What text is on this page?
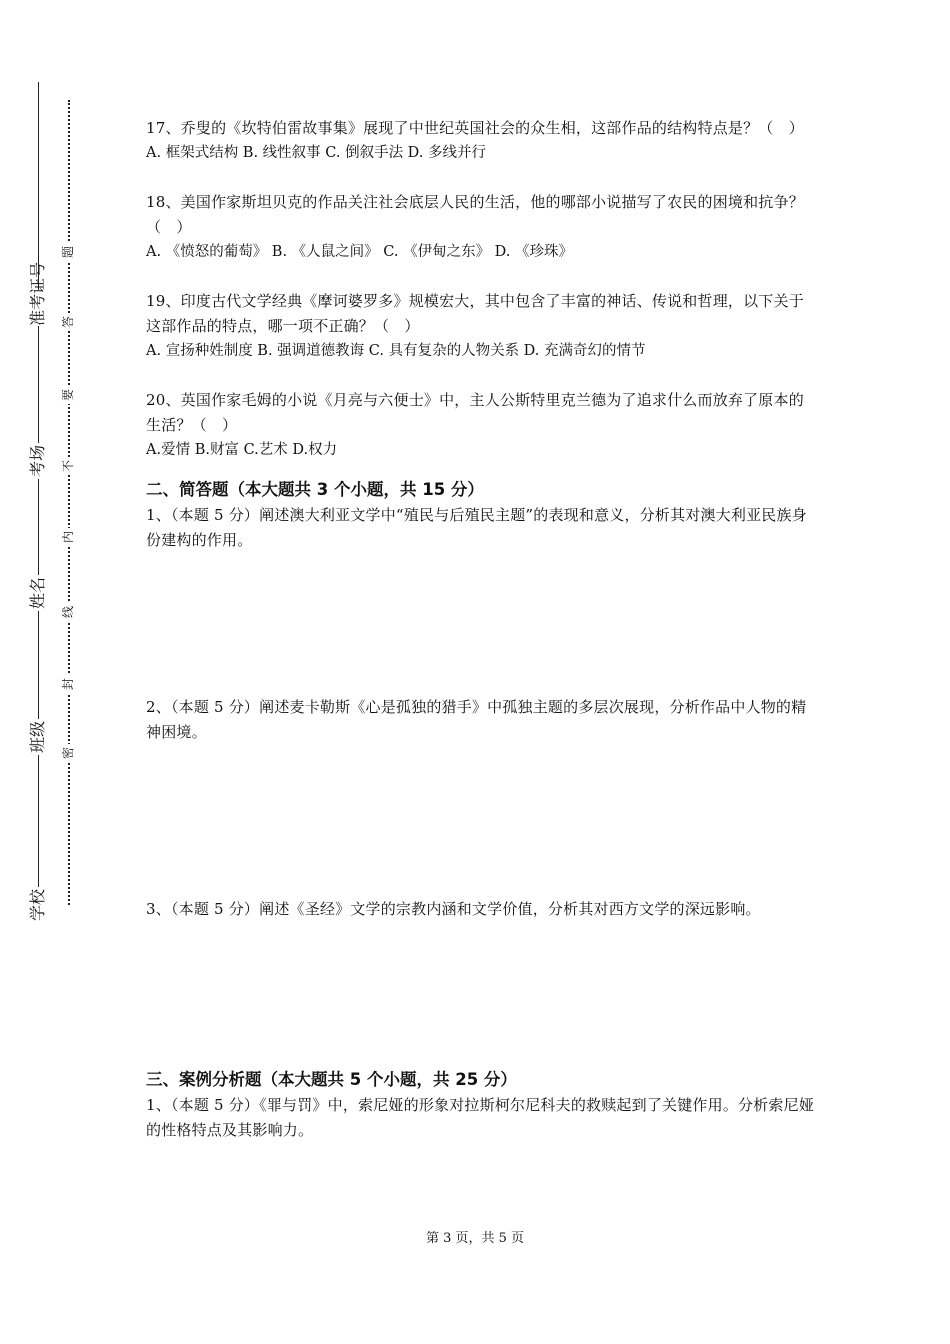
学校
班级
姓名
考场
准考证号
题
答
要
不
内
线
封
密
17、乔叟的《坎特伯雷故事集》展现了中世纪英国社会的众生相，这部作品的结构特点是？（　）
A. 框架式结构 B. 线性叙事 C. 倒叙手法 D. 多线并行
18、美国作家斯坦贝克的作品关注社会底层人民的生活，他的哪部小说描写了农民的困境和抗争？（　）
A. 《愤怒的葡萄》 B. 《人鼠之间》 C. 《伊甸之东》 D. 《珍珠》
19、印度古代文学经典《摩诃婆罗多》规模宏大，其中包含了丰富的神话、传说和哲理，以下关于这部作品的特点，哪一项不正确？（　）
A. 宣扬种姓制度 B. 强调道德教诲 C. 具有复杂的人物关系 D. 充满奇幻的情节
20、英国作家毛姆的小说《月亮与六便士》中，主人公斯特里克兰德为了追求什么而放弃了原本的生活？（　）
A.爱情 B.财富 C.艺术 D.权力
二、简答题（本大题共 3 个小题，共 15 分）
1、（本题 5 分）阐述澳大利亚文学中“殖民与后殖民主题”的表现和意义，分析其对澳大利亚民族身份建构的作用。
2、（本题 5 分）阐述麦卡勒斯《心是孤独的猎手》中孤独主题的多层次展现，分析作品中人物的精神困境。
3、（本题 5 分）阐述《圣经》文学的宗教内涵和文学价值，分析其对西方文学的深远影响。
三、案例分析题（本大题共 5 个小题，共 25 分）
1、（本题 5 分）《罪与罚》中，索尼娅的形象对拉斯柯尔尼科夫的救赎起到了关键作用。分析索尼娅的性格特点及其影响力。
第 3 页，共 5 页
